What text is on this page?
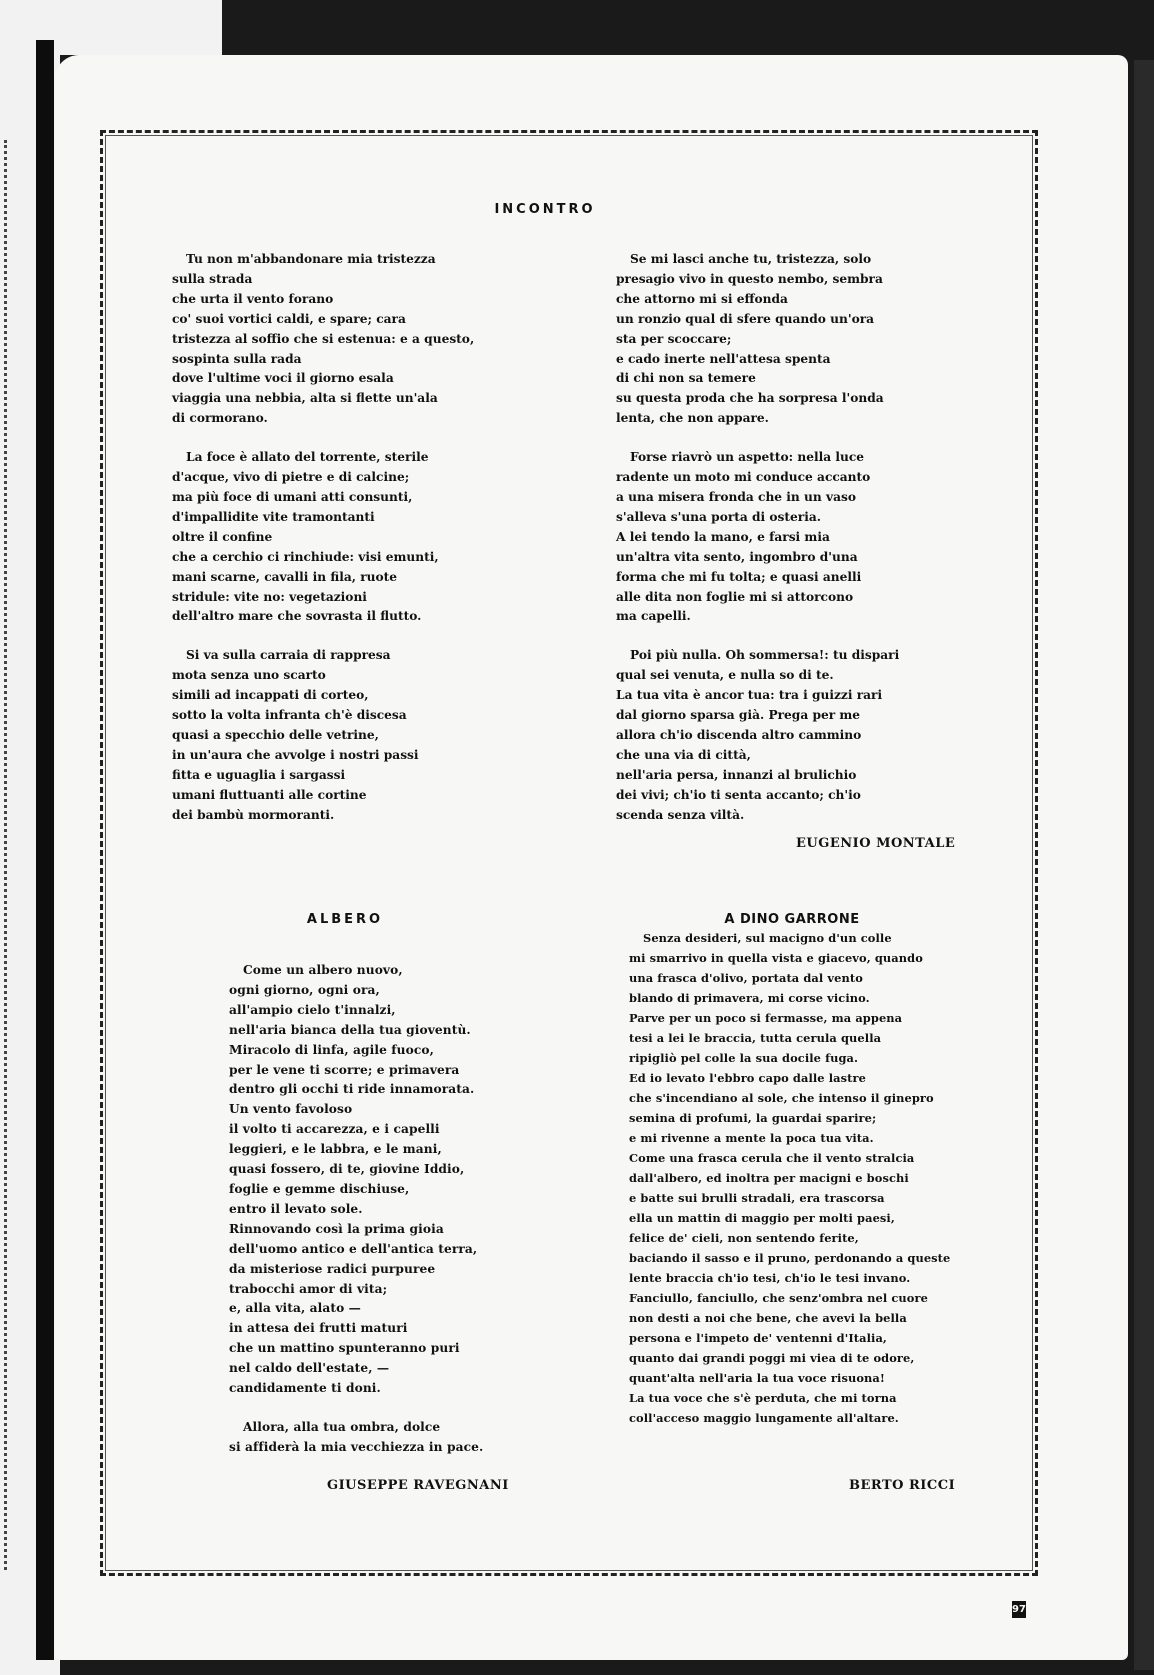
INCONTRO
Tu non m'abbandonare mia tristezza
sulla strada
che urta il vento forano
co' suoi vortici caldi, e spare; cara
tristezza al soffio che si estenua: e a questo,
sospinta sulla rada
dove l'ultime voci il giorno esala
viaggia una nebbia, alta si flette un'ala
di cormorano.
La foce è allato del torrente, sterile
d'acque, vivo di pietre e di calcine;
ma più foce di umani atti consunti,
d'impallidite vite tramontanti
oltre il confine
che a cerchio ci rinchiude: visi emunti,
mani scarne, cavalli in fila, ruote
stridule: vite no: vegetazioni
dell'altro mare che sovrasta il flutto.
Si va sulla carraia di rappresa
mota senza uno scarto
simili ad incappati di corteo,
sotto la volta infranta ch'è discesa
quasi a specchio delle vetrine,
in un'aura che avvolge i nostri passi
fitta e uguaglia i sargassi
umani fluttuanti alle cortine
dei bambù mormoranti.
Se mi lasci anche tu, tristezza, solo
presagio vivo in questo nembo, sembra
che attorno mi si effonda
un ronzio qual di sfere quando un'ora
sta per scoccare;
e cado inerte nell'attesa spenta
di chi non sa temere
su questa proda che ha sorpresa l'onda
lenta, che non appare.
Forse riavrò un aspetto: nella luce
radente un moto mi conduce accanto
a una misera fronda che in un vaso
s'alleva s'una porta di osteria.
A lei tendo la mano, e farsi mia
un'altra vita sento, ingombro d'una
forma che mi fu tolta; e quasi anelli
alle dita non foglie mi si attorcono
ma capelli.
Poi più nulla. Oh sommersa!: tu dispari
qual sei venuta, e nulla so di te.
La tua vita è ancor tua: tra i guizzi rari
dal giorno sparsa già. Prega per me
allora ch'io discenda altro cammino
che una via di città,
nell'aria persa, innanzi al brulichio
dei vivi; ch'io ti senta accanto; ch'io
scenda senza viltà.
EUGENIO MONTALE
ALBERO
Come un albero nuovo,
ogni giorno, ogni ora,
all'ampio cielo t'innalzi,
nell'aria bianca della tua gioventù.
Miracolo di linfa, agile fuoco,
per le vene ti scorre; e primavera
dentro gli occhi ti ride innamorata.
Un vento favoloso
il volto ti accarezza, e i capelli
leggieri, e le labbra, e le mani,
quasi fossero, di te, giovine Iddio,
foglie e gemme dischiuse,
entro il levato sole.
Rinnovando così la prima gioia
dell'uomo antico e dell'antica terra,
da misteriose radici purpuree
trabocchi amor di vita;
e, alla vita, alato —
in attesa dei frutti maturi
che un mattino spunteranno puri
nel caldo dell'estate, —
candidamente ti doni.
Allora, alla tua ombra, dolce
si affiderà la mia vecchiezza in pace.
GIUSEPPE RAVEGNANI
A DINO GARRONE
Senza desideri, sul macigno d'un colle
mi smarrivo in quella vista e giacevo, quando
una frasca d'olivo, portata dal vento
blando di primavera, mi corse vicino.
Parve per un poco si fermasse, ma appena
tesi a lei le braccia, tutta cerula quella
ripigliò pel colle la sua docile fuga.
Ed io levato l'ebbro capo dalle lastre
che s'incendiano al sole, che intenso il ginepro
semina di profumi, la guardai sparire;
e mi rivenne a mente la poca tua vita.
Come una frasca cerula che il vento stralcia
dall'albero, ed inoltra per macigni e boschi
e batte sui brulli stradali, era trascorsa
ella un mattin di maggio per molti paesi,
felice de' cieli, non sentendo ferite,
baciando il sasso e il pruno, perdonando a queste
lente braccia ch'io tesi, ch'io le tesi invano.
Fanciullo, fanciullo, che senz'ombra nel cuore
non desti a noi che bene, che avevi la bella
persona e l'impeto de' ventenni d'Italia,
quanto dai grandi poggi mi viea di te odore,
quant'alta nell'aria la tua voce risuona!
La tua voce che s'è perduta, che mi torna
coll'acceso maggio lungamente all'altare.
BERTO RICCI
97
